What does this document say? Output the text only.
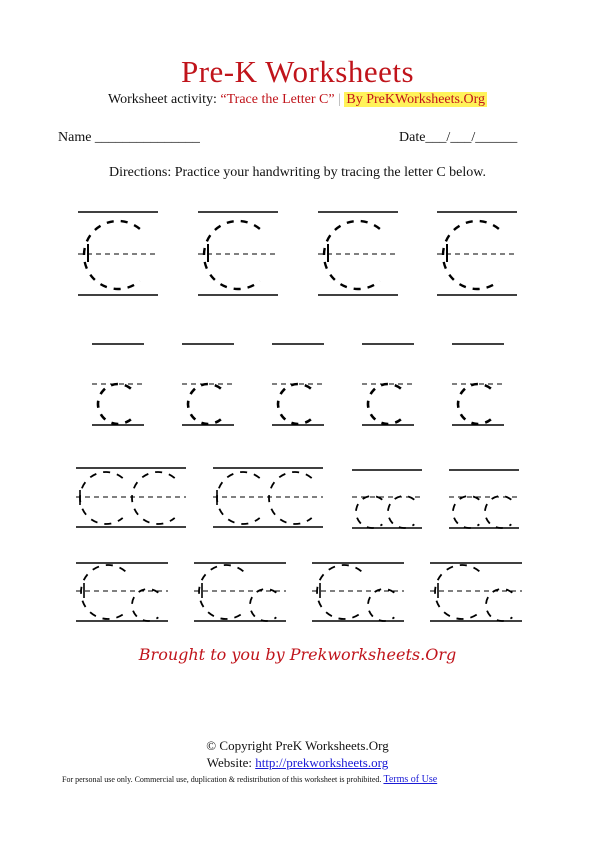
Pre-K Worksheets
Worksheet activity: “Trace the Letter C” | By PreKWorksheets.Org
Name _______________	Date___/___/______
Directions: Practice your handwriting by tracing the letter C below.
Brought to you by Prekworksheets.Org
© Copyright PreK Worksheets.Org
Website: http://prekworksheets.org
For personal use only. Commercial use, duplication & redistribution of this worksheet is prohibited. Terms of Use
